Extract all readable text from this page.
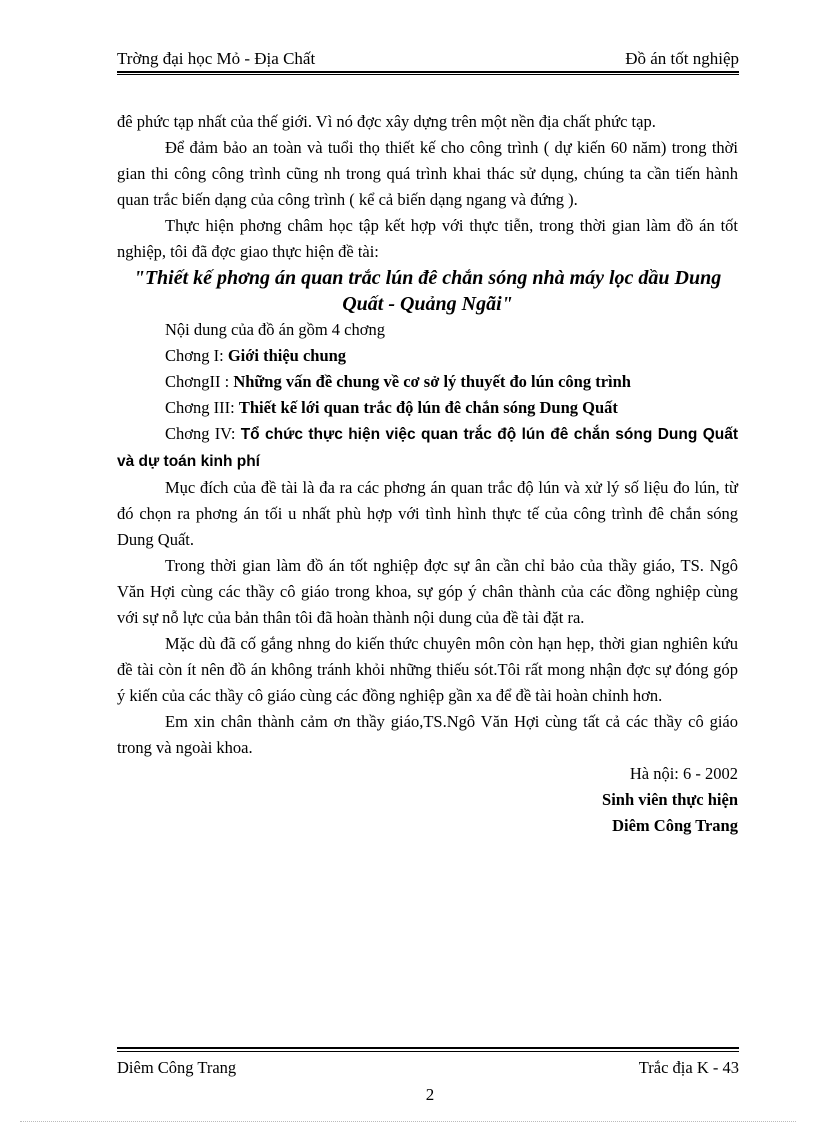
Trờng đại học Mỏ - Địa Chất	Đồ án tốt nghiệp

đê phức tạp nhất của thế giới. Vì nó đợc xây dựng trên một nền địa chất phức tạp.

Để đảm bảo an toàn và tuổi thọ thiết kế cho công trình ( dự kiến 60 năm) trong thời gian thi công công trình cũng nh trong quá trình khai thác sử dụng, chúng ta cần tiến hành quan trắc biến dạng của công trình ( kể cả biến dạng ngang và đứng ).

Thực hiện phơng châm học tập kết hợp với thực tiễn, trong thời gian làm đồ án tốt nghiệp, tôi đã đợc giao thực hiện đề tài:

"Thiết kế phơng án quan trắc lún đê chắn sóng nhà máy lọc dầu Dung Quất - Quảng Ngãi"

Nội dung của đồ án gồm 4 chơng

Chơng I: Giới thiệu chung

ChơngII : Những vấn đề chung về cơ sở lý thuyết đo lún công trình

Chơng III: Thiết kế lới quan trắc độ lún đê chắn sóng Dung Quất

Chơng IV: Tổ chức thực hiện việc quan trắc độ lún đê chắn sóng Dung Quất và dự toán kinh phí

Mục đích của đề tài là đa ra các phơng án quan trắc độ lún và xử lý số liệu đo lún, từ đó chọn ra phơng án tối u nhất phù hợp với tình hình thực tế của công trình đê chắn sóng Dung Quất.

Trong thời gian làm đồ án tốt nghiệp đợc sự ân cần chỉ bảo của thầy giáo, TS. Ngô Văn Hợi cùng các thầy cô giáo trong khoa, sự góp ý chân thành của các đồng nghiệp cùng với sự nỗ lực của bản thân tôi đã hoàn thành nội dung của đề tài đặt ra.

Mặc dù đã cố gắng nhng do kiến thức chuyên môn còn hạn hẹp, thời gian nghiên kứu đề tài còn ít nên đồ án không tránh khỏi những thiếu sót.Tôi rất mong nhận đợc sự đóng góp ý kiến của các thầy cô giáo cùng các đồng nghiệp gần xa để đề tài hoàn chỉnh hơn.

Em xin chân thành cảm ơn thầy giáo,TS.Ngô Văn Hợi cùng tất cả các thầy cô giáo trong và ngoài khoa.

Hà nội: 6 - 2002
Sinh viên thực hiện
Diêm Công Trang
Diêm Công Trang	Trắc địa K - 43
2
